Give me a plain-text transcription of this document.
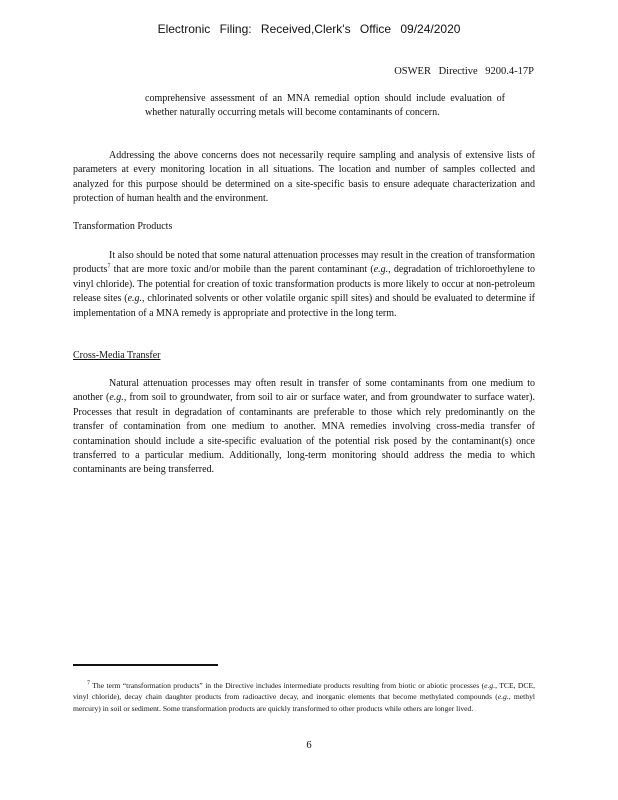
Electronic Filing: Received,Clerk's Office 09/24/2020
OSWER Directive 9200.4-17P

comprehensive assessment of an MNA remedial option should include evaluation of whether naturally occurring metals will become contaminants of concern.

Addressing the above concerns does not necessarily require sampling and analysis of extensive lists of parameters at every monitoring location in all situations. The location and number of samples collected and analyzed for this purpose should be determined on a site-specific basis to ensure adequate characterization and protection of human health and the environment.

Transformation Products

It also should be noted that some natural attenuation processes may result in the creation of transformation products$^7$ that are more toxic and/or mobile than the parent contaminant (e.g., degradation of trichloroethylene to vinyl chloride). The potential for creation of toxic transformation products is more likely to occur at non-petroleum release sites (e.g., chlorinated solvents or other volatile organic spill sites) and should be evaluated to determine if implementation of a MNA remedy is appropriate and protective in the long term.

Cross-Media Transfer

Natural attenuation processes may often result in transfer of some contaminants from one medium to another (e.g., from soil to groundwater, from soil to air or surface water, and from groundwater to surface water). Processes that result in degradation of contaminants are preferable to those which rely predominantly on the transfer of contamination from one medium to another. MNA remedies involving cross-media transfer of contamination should include a site-specific evaluation of the potential risk posed by the contaminant(s) once transferred to a particular medium. Additionally, long-term monitoring should address the media to which contaminants are being transferred.

$^7$ The term “transformation products” in the Directive includes intermediate products resulting from biotic or abiotic processes (e.g., TCE, DCE, vinyl chloride), decay chain daughter products from radioactive decay, and inorganic elements that become methylated compounds (e.g., methyl mercury) in soil or sediment. Some transformation products are quickly transformed to other products while others are longer lived.

6
